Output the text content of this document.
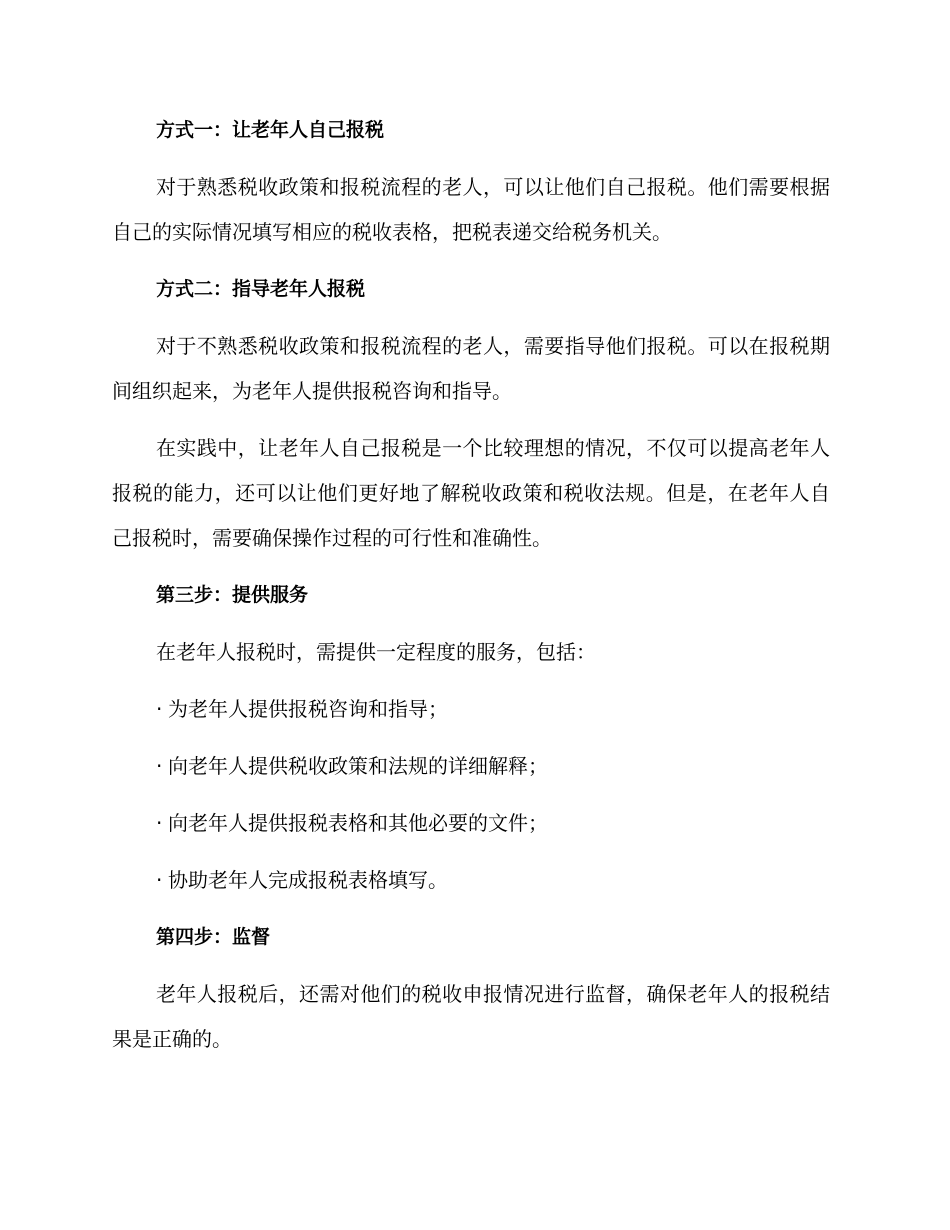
方式一：让老年人自己报税

对于熟悉税收政策和报税流程的老人，可以让他们自己报税。他们需要根据自己的实际情况填写相应的税收表格，把税表递交给税务机关。

方式二：指导老年人报税

对于不熟悉税收政策和报税流程的老人，需要指导他们报税。可以在报税期间组织起来，为老年人提供报税咨询和指导。

在实践中，让老年人自己报税是一个比较理想的情况，不仅可以提高老年人报税的能力，还可以让他们更好地了解税收政策和税收法规。但是，在老年人自己报税时，需要确保操作过程的可行性和准确性。

第三步：提供服务

在老年人报税时，需提供一定程度的服务，包括：

· 为老年人提供报税咨询和指导；
· 向老年人提供税收政策和法规的详细解释；
· 向老年人提供报税表格和其他必要的文件；
· 协助老年人完成报税表格填写。
第四步：监督

老年人报税后，还需对他们的税收申报情况进行监督，确保老年人的报税结果是正确的。
